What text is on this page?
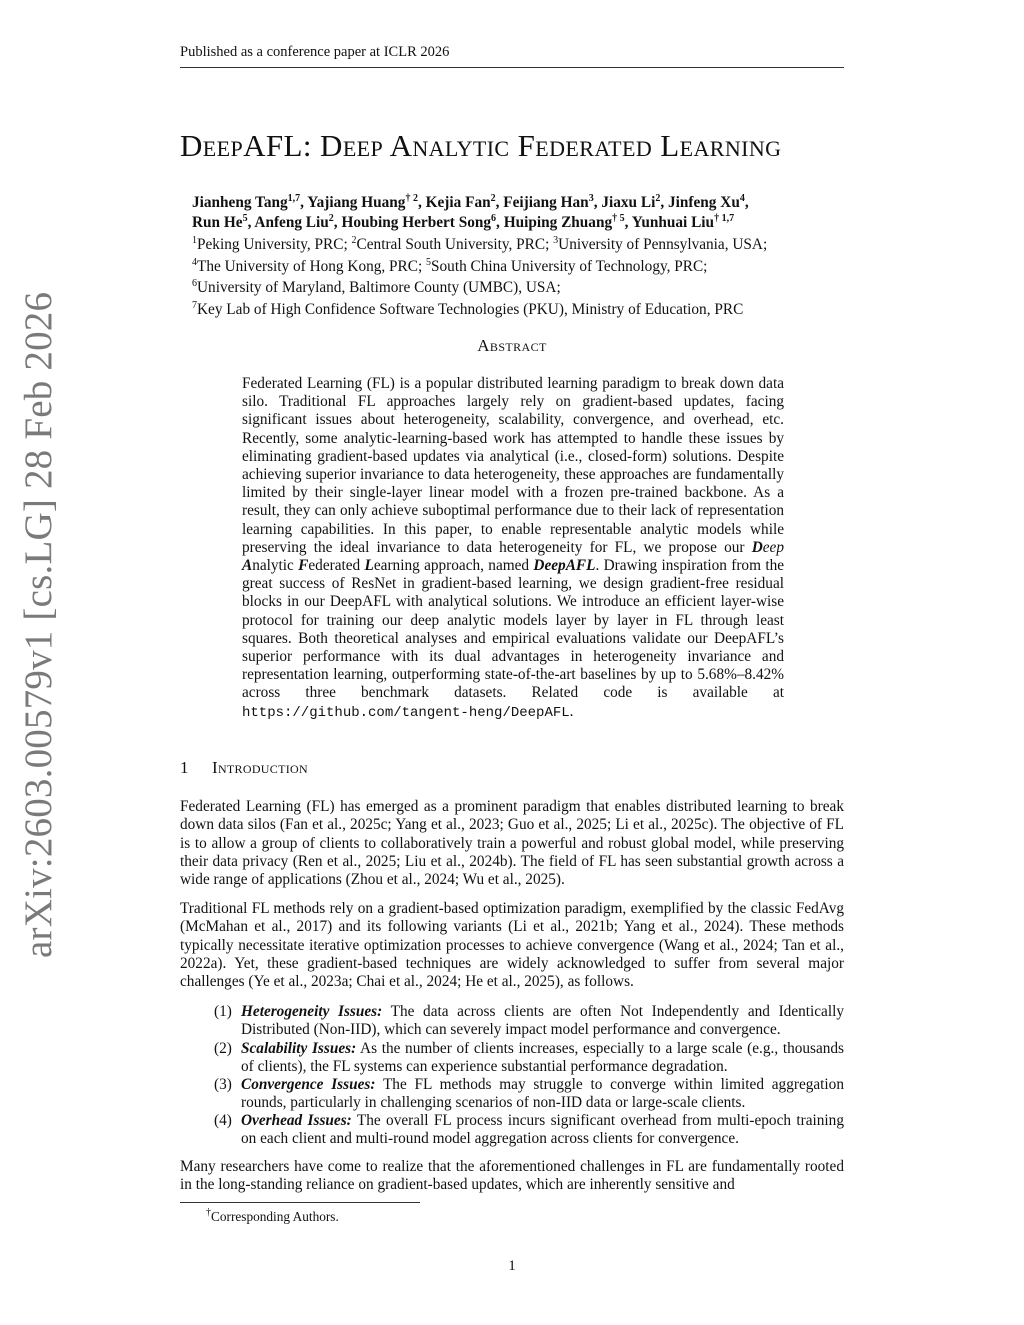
Published as a conference paper at ICLR 2026
arXiv:2603.00579v1 [cs.LG] 28 Feb 2026
DeepAFL: Deep Analytic Federated Learning
Jianheng Tang$^{1,7}$, Yajiang Huang$^{\dagger 2}$, Kejia Fan$^2$, Feijiang Han$^3$, Jiaxu Li$^2$, Jinfeng Xu$^4$,
Run He$^5$, Anfeng Liu$^2$, Houbing Herbert Song$^6$, Huiping Zhuang$^{\dagger 5}$, Yunhuai Liu$^{\dagger 1,7}$
$^1$Peking University, PRC; $^2$Central South University, PRC; $^3$University of Pennsylvania, USA;
$^4$The University of Hong Kong, PRC; $^5$South China University of Technology, PRC;
$^6$University of Maryland, Baltimore County (UMBC), USA;
$^7$Key Lab of High Confidence Software Technologies (PKU), Ministry of Education, PRC
Abstract
Federated Learning (FL) is a popular distributed learning paradigm to break down data silo. Traditional FL approaches largely rely on gradient-based updates, facing significant issues about heterogeneity, scalability, convergence, and overhead, etc. Recently, some analytic-learning-based work has attempted to handle these issues by eliminating gradient-based updates via analytical (i.e., closed-form) solutions. Despite achieving superior invariance to data heterogeneity, these approaches are fundamentally limited by their single-layer linear model with a frozen pre-trained backbone. As a result, they can only achieve suboptimal performance due to their lack of representation learning capabilities. In this paper, to enable representable analytic models while preserving the ideal invariance to data heterogeneity for FL, we propose our Deep Analytic Federated Learning approach, named DeepAFL. Drawing inspiration from the great success of ResNet in gradient-based learning, we design gradient-free residual blocks in our DeepAFL with analytical solutions. We introduce an efficient layer-wise protocol for training our deep analytic models layer by layer in FL through least squares. Both theoretical analyses and empirical evaluations validate our DeepAFL’s superior performance with its dual advantages in heterogeneity invariance and representation learning, outperforming state-of-the-art baselines by up to 5.68%–8.42% across three benchmark datasets. Related code is available at https://github.com/tangent-heng/DeepAFL.
1 Introduction
Federated Learning (FL) has emerged as a prominent paradigm that enables distributed learning to break down data silos (Fan et al., 2025c; Yang et al., 2023; Guo et al., 2025; Li et al., 2025c). The objective of FL is to allow a group of clients to collaboratively train a powerful and robust global model, while preserving their data privacy (Ren et al., 2025; Liu et al., 2024b). The field of FL has seen substantial growth across a wide range of applications (Zhou et al., 2024; Wu et al., 2025).
Traditional FL methods rely on a gradient-based optimization paradigm, exemplified by the classic FedAvg (McMahan et al., 2017) and its following variants (Li et al., 2021b; Yang et al., 2024). These methods typically necessitate iterative optimization processes to achieve convergence (Wang et al., 2024; Tan et al., 2022a). Yet, these gradient-based techniques are widely acknowledged to suffer from several major challenges (Ye et al., 2023a; Chai et al., 2024; He et al., 2025), as follows.
(1) Heterogeneity Issues: The data across clients are often Not Independently and Identically Distributed (Non-IID), which can severely impact model performance and convergence.
(2) Scalability Issues: As the number of clients increases, especially to a large scale (e.g., thousands of clients), the FL systems can experience substantial performance degradation.
(3) Convergence Issues: The FL methods may struggle to converge within limited aggregation rounds, particularly in challenging scenarios of non-IID data or large-scale clients.
(4) Overhead Issues: The overall FL process incurs significant overhead from multi-epoch training on each client and multi-round model aggregation across clients for convergence.
Many researchers have come to realize that the aforementioned challenges in FL are fundamentally rooted in the long-standing reliance on gradient-based updates, which are inherently sensitive and
†Corresponding Authors.
1
